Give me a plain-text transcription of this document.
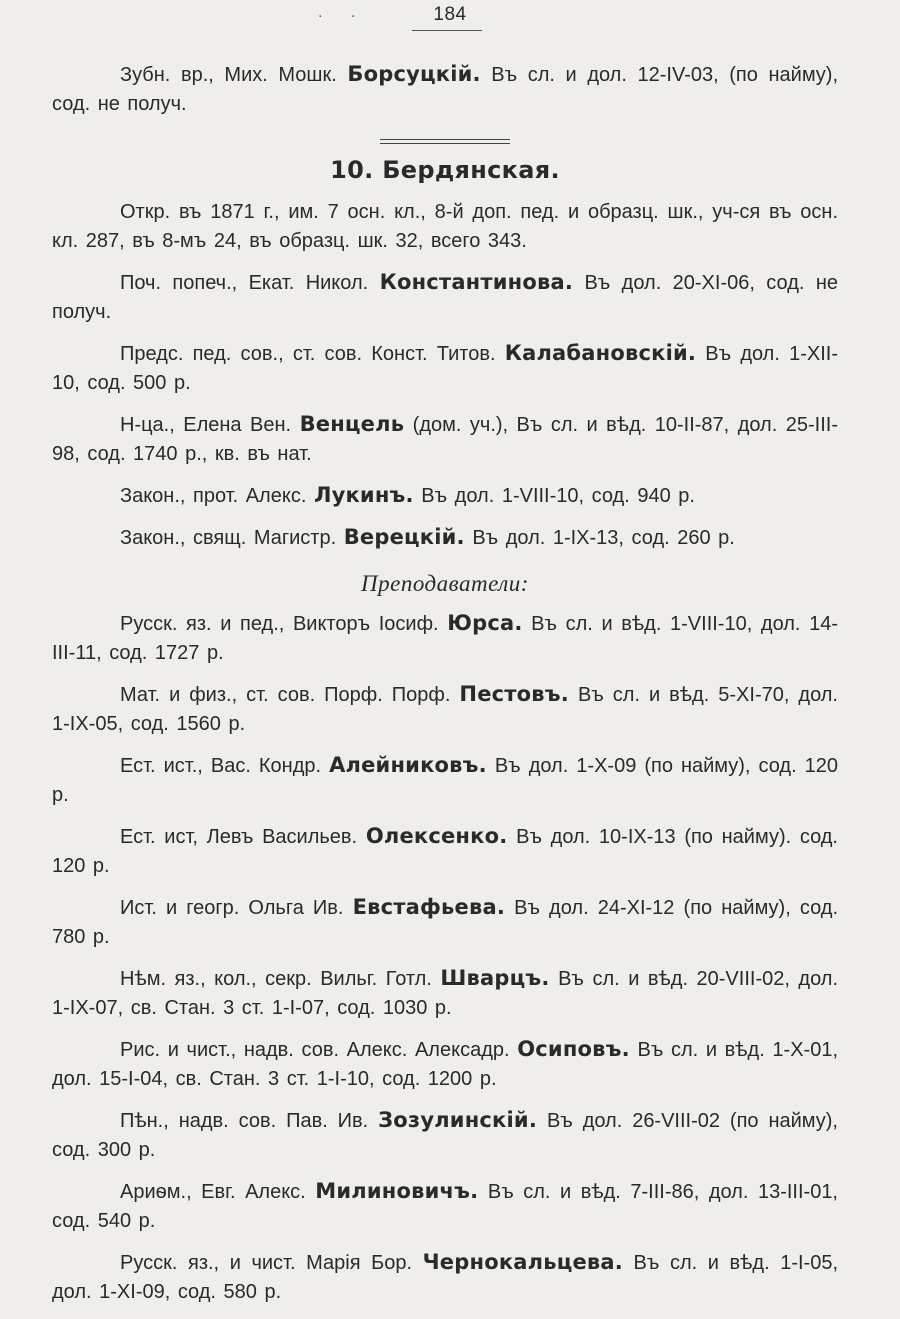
. .	184

Зубн. вр., Мих. Мошк. Борсуцкій. Въ сл. и дол. 12-IV-03, (по найму), сод. не получ.

10. Бердянская.

Откр. въ 1871 г., им. 7 осн. кл., 8-й доп. пед. и образц. шк., уч-ся въ осн. кл. 287, въ 8-мъ 24, въ образц. шк. 32, всего 343.

Поч. попеч., Екат. Никол. Константинова. Въ дол. 20-XI-06, сод. не получ.

Предс. пед. сов., ст. сов. Конст. Титов. Калабановскій. Въ дол. 1-XII-10, сод. 500 р.

Н-ца., Елена Вен. Венцель (дом. уч.), Въ сл. и вѣд. 10-II-87, дол. 25-III-98, сод. 1740 р., кв. въ нат.

Закон., прот. Алекс. Лукинъ. Въ дол. 1-VIII-10, сод. 940 р.

Закон., свящ. Магистр. Верецкій. Въ дол. 1-IX-13, сод. 260 р.

Преподаватели:

Русск. яз. и пед., Викторъ Іосиф. Юрса. Въ сл. и вѣд. 1-VIII-10, дол. 14-III-11, сод. 1727 р.

Мат. и физ., ст. сов. Порф. Порф. Пестовъ. Въ сл. и вѣд. 5-XI-70, дол. 1-IX-05, сод. 1560 р.

Ест. ист., Вас. Кондр. Алейниковъ. Въ дол. 1-X-09 (по найму), сод. 120 р.

Ест. ист, Левъ Васильев. Олексенко. Въ дол. 10-IX-13 (по найму). сод. 120 р.

Ист. и геогр. Ольга Ив. Евстафьева. Въ дол. 24-XI-12 (по найму), сод. 780 р.

Нѣм. яз., кол., секр. Вильг. Готл. Шварцъ. Въ сл. и вѣд. 20-VIII-02, дол. 1-IX-07, св. Стан. 3 ст. 1-I-07, сод. 1030 р.

Рис. и чист., надв. сов. Алекс. Алексадр. Осиповъ. Въ сл. и вѣд. 1-X-01, дол. 15-I-04, св. Стан. 3 ст. 1-I-10, сод. 1200 р.

Пѣн., надв. сов. Пав. Ив. Зозулинскій. Въ дол. 26-VIII-02 (по найму), сод. 300 р.

Ариѳм., Евг. Алекс. Милиновичъ. Въ сл. и вѣд. 7-III-86, дол. 13-III-01, сод. 540 р.

Русск. яз., и чист. Марія Бор. Чернокальцева. Въ сл. и вѣд. 1-I-05, дол. 1-XI-09, сод. 580 р.
